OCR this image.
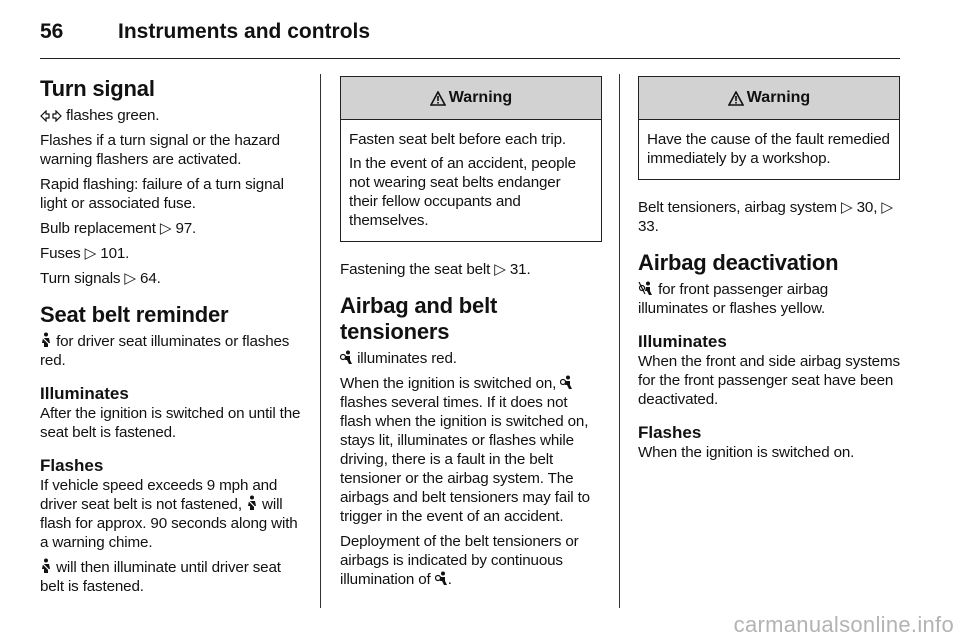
56	Instruments and controls
Turn signal

flashes green.

Flashes if a turn signal or the hazard warning flashers are activated.

Rapid flashing: failure of a turn signal light or associated fuse.

Bulb replacement ▷ 97.

Fuses ▷ 101.

Turn signals ▷ 64.

Seat belt reminder

for driver seat illuminates or flashes red.

Illuminates

After the ignition is switched on until the seat belt is fastened.

Flashes

If vehicle speed exceeds 9 mph and driver seat belt is not fastened,
will flash for approx. 90 seconds along with a warning chime.

will then illuminate until driver seat belt is fastened.

Warning

Fasten seat belt before each trip.

In the event of an accident, people not wearing seat belts endanger their fellow occupants and themselves.

Fastening the seat belt ▷ 31.

Airbag and belt tensioners

illuminates red.

When the ignition is switched on,
flashes several times. If it does not flash when the ignition is switched on, stays lit, illuminates or flashes while driving, there is a fault in the belt tensioner or the airbag system. The airbags and belt tensioners may fail to trigger in the event of an accident.

Deployment of the belt tensioners or airbags is indicated by continuous illumination of
.

Warning

Have the cause of the fault remedied immediately by a workshop.

Belt tensioners, airbag system ▷ 30, ▷ 33.

Airbag deactivation

for front passenger airbag illuminates or flashes yellow.

Illuminates

When the front and side airbag systems for the front passenger seat have been deactivated.

Flashes

When the ignition is switched on.

carmanualsonline.info
